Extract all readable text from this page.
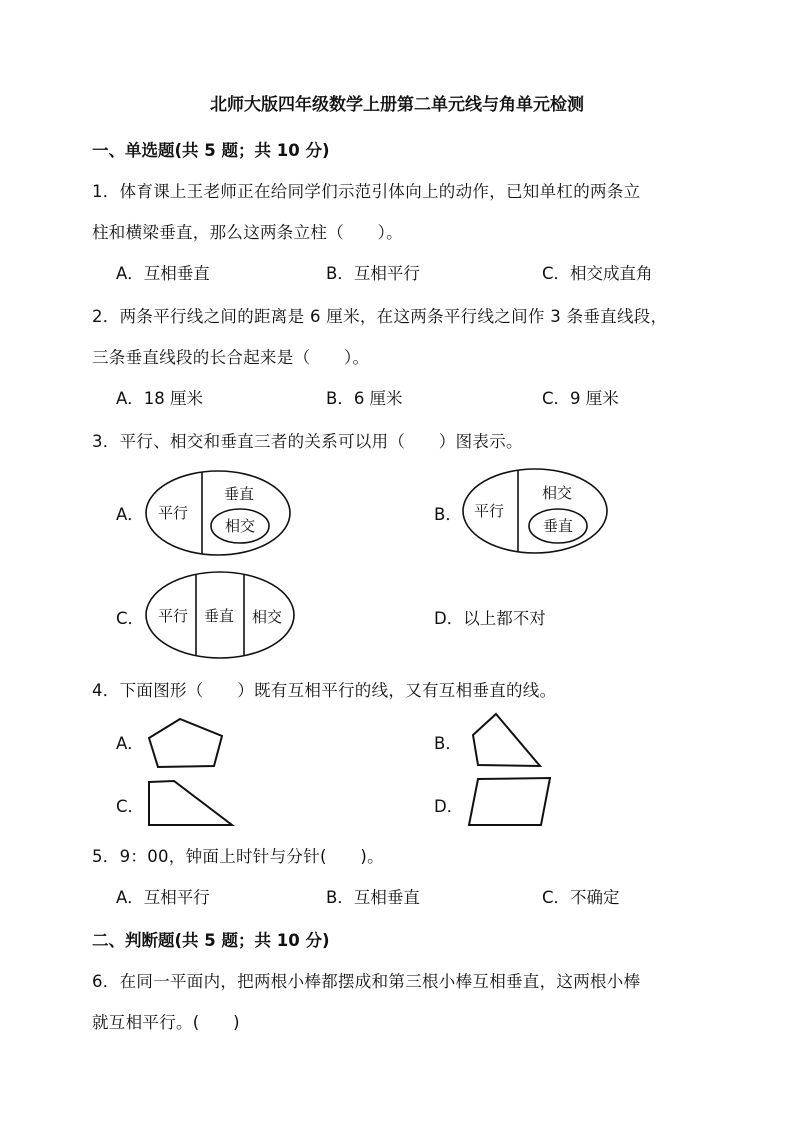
北师大版四年级数学上册第二单元线与角单元检测
一、单选题(共 5 题；共 10 分)
1．体育课上王老师正在给同学们示范引体向上的动作，已知单杠的两条立
柱和横梁垂直，那么这两条立柱（　　）。
A．互相垂直	B．互相平行	C．相交成直角
2．两条平行线之间的距离是 6 厘米，在这两条平行线之间作 3 条垂直线段，
三条垂直线段的长合起来是（　　）。
A．18 厘米	B．6 厘米	C．9 厘米
3．平行、相交和垂直三者的关系可以用（　　）图表示。
A． 平行
垂直
相交
B． 平行
相交
垂直
C． 平行 垂直 相交	D．以上都不对
4．下面图形（　　）既有互相平行的线，又有互相垂直的线。
A．	B．
C．	D．
5．9：00，钟面上时针与分针(　　)。
A．互相平行	B．互相垂直	C．不确定
二、判断题(共 5 题；共 10 分)
6．在同一平面内，把两根小棒都摆成和第三根小棒互相垂直，这两根小棒
就互相平行。(　　)
